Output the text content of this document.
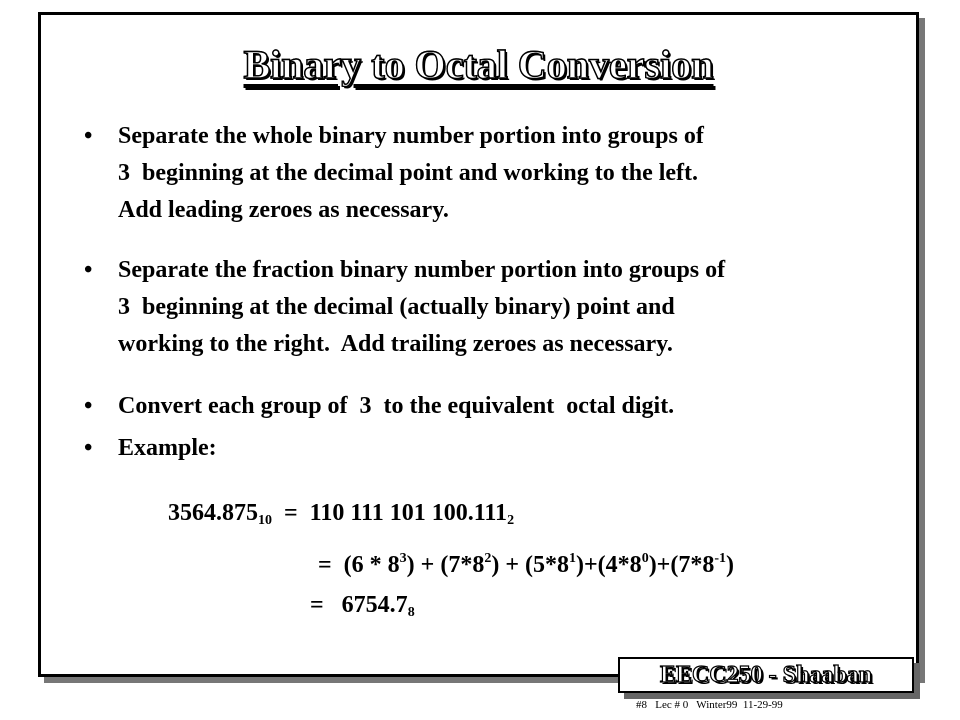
Binary to Octal Conversion
• Separate the whole binary number portion into groups of
3  beginning at the decimal point and working to the left.
Add leading zeroes as necessary.
• Separate the fraction binary number portion into groups of
3  beginning at the decimal (actually binary) point and
working to the right.  Add trailing zeroes as necessary.
• Convert each group of  3  to the equivalent  octal digit.
• Example:
$3564.875_{10} = 110$ 111 101 $100.111_2$
=  $(6 * 8^3) + (7*8^2) + (5*8^1)+(4*8^0)+(7*8^{-1})$
=   $6754.7_8$
EECC250 - Shaaban
#8   Lec # 0   Winter99  11-29-99
